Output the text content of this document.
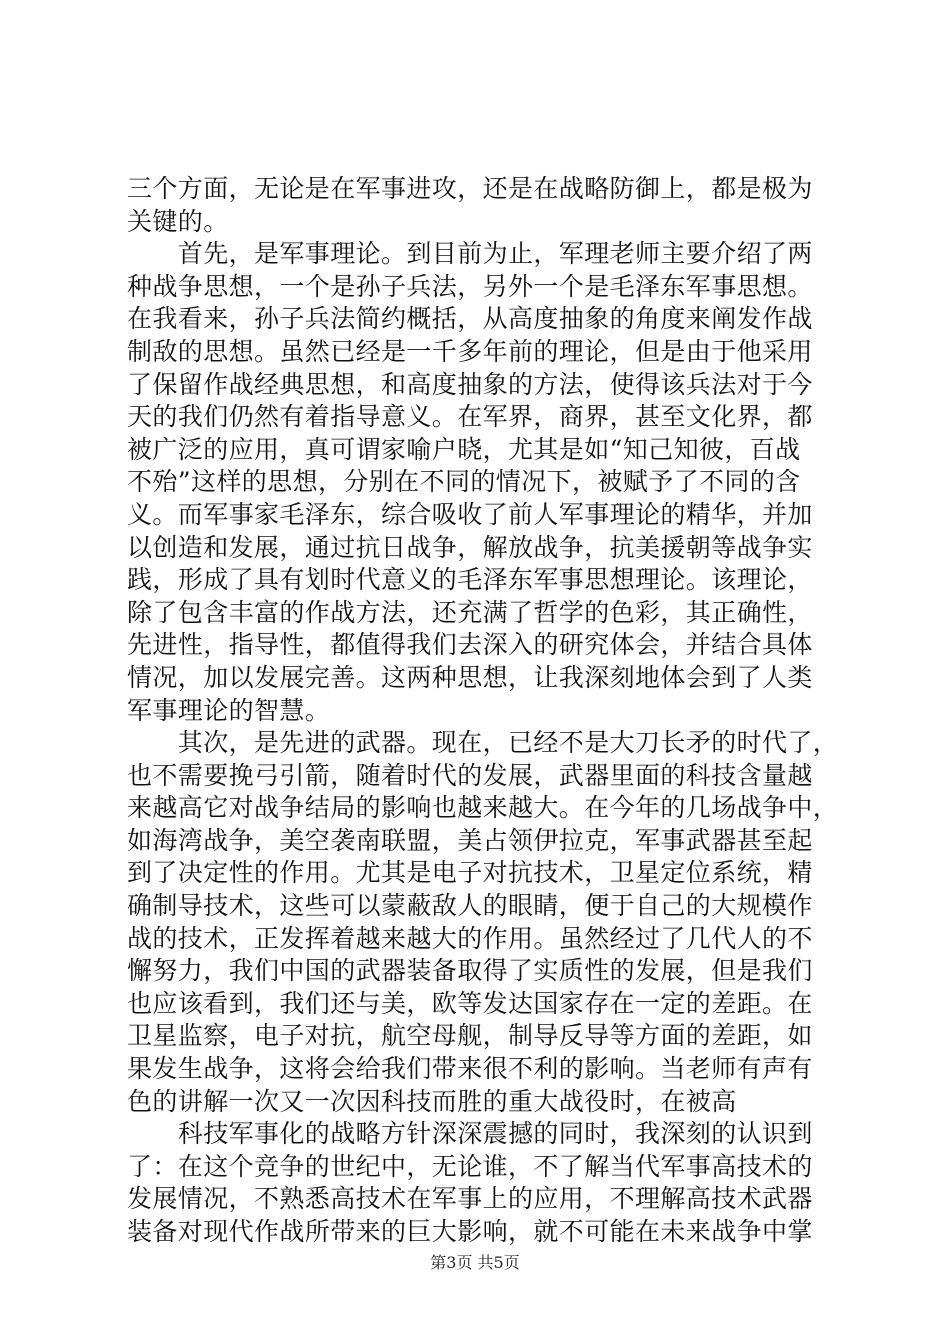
三个方面，无论是在军事进攻，还是在战略防御上，都是极为
关键的。
　　首先，是军事理论。到目前为止，军理老师主要介绍了两
种战争思想，一个是孙子兵法，另外一个是毛泽东军事思想。
在我看来，孙子兵法简约概括，从高度抽象的角度来阐发作战
制敌的思想。虽然已经是一千多年前的理论，但是由于他采用
了保留作战经典思想，和高度抽象的方法，使得该兵法对于今
天的我们仍然有着指导意义。在军界，商界，甚至文化界，都
被广泛的应用，真可谓家喻户晓，尤其是如“知己知彼，百战
不殆”这样的思想，分别在不同的情况下，被赋予了不同的含
义。而军事家毛泽东，综合吸收了前人军事理论的精华，并加
以创造和发展，通过抗日战争，解放战争，抗美援朝等战争实
践，形成了具有划时代意义的毛泽东军事思想理论。该理论，
除了包含丰富的作战方法，还充满了哲学的色彩，其正确性，
先进性，指导性，都值得我们去深入的研究体会，并结合具体
情况，加以发展完善。这两种思想，让我深刻地体会到了人类
军事理论的智慧。
　　其次，是先进的武器。现在，已经不是大刀长矛的时代了，
也不需要挽弓引箭，随着时代的发展，武器里面的科技含量越
来越高它对战争结局的影响也越来越大。在今年的几场战争中，
如海湾战争，美空袭南联盟，美占领伊拉克，军事武器甚至起
到了决定性的作用。尤其是电子对抗技术，卫星定位系统，精
确制导技术，这些可以蒙蔽敌人的眼睛，便于自己的大规模作
战的技术，正发挥着越来越大的作用。虽然经过了几代人的不
懈努力，我们中国的武器装备取得了实质性的发展，但是我们
也应该看到，我们还与美，欧等发达国家存在一定的差距。在
卫星监察，电子对抗，航空母舰，制导反导等方面的差距，如
果发生战争，这将会给我们带来很不利的影响。当老师有声有
色的讲解一次又一次因科技而胜的重大战役时，在被高
　　科技军事化的战略方针深深震撼的同时，我深刻的认识到
了：在这个竞争的世纪中，无论谁，不了解当代军事高技术的
发展情况，不熟悉高技术在军事上的应用，不理解高技术武器
装备对现代作战所带来的巨大影响，就不可能在未来战争中掌
第3页 共5页
